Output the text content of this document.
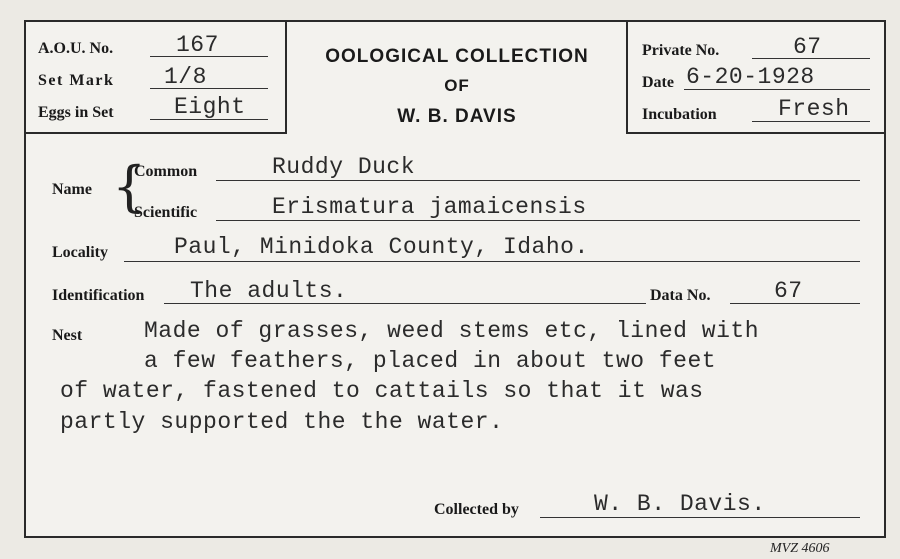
A.O.U. No.	167
Set Mark 1/8
Eggs in Set	Eight
OOLOGICAL COLLECTION
OF
W. B. DAVIS
Private No.	67
Date 6-20-1928
Incubation	Fresh
Name {
Common	Ruddy Duck
Scientific	Erismatura jamaicensis
Locality	Paul, Minidoka County, Idaho.
Identification The adults.	Data No.	67
Nest	Made of grasses, weed stems etc, lined with
a few feathers, placed in about two feet
of water, fastened to cattails so that it was
partly supported the the water.
Collected by	W. B. Davis.
MVZ 4606
